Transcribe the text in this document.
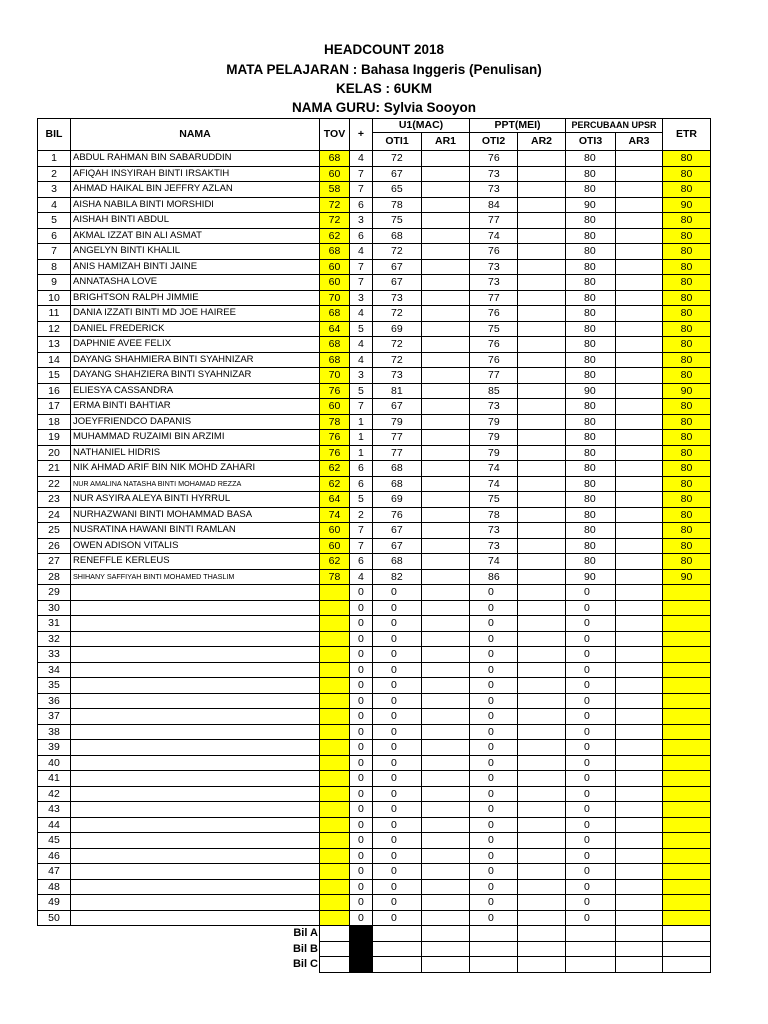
HEADCOUNT 2018
MATA PELAJARAN : Bahasa Inggeris (Penulisan)
KELAS : 6UKM
NAMA GURU: Sylvia Sooyon
BIL	NAMA	TOV	+	U1(MAC)		PPT(MEI)		PERCUBAAN UPSR		ETR
				OTI1	AR1	OTI2	AR2	OTI3	AR3	
1	ABDUL RAHMAN BIN SABARUDDIN	68	4	72		76		80		80
2	AFIQAH INSYIRAH BINTI IRSAKTIH	60	7	67		73		80		80
3	AHMAD HAIKAL BIN JEFFRY AZLAN	58	7	65		73		80		80
4	AISHA NABILA BINTI MORSHIDI	72	6	78		84		90		90
5	AISHAH BINTI ABDUL	72	3	75		77		80		80
6	AKMAL IZZAT BIN ALI ASMAT	62	6	68		74		80		80
7	ANGELYN BINTI KHALIL	68	4	72		76		80		80
8	ANIS HAMIZAH BINTI JAINE	60	7	67		73		80		80
9	ANNATASHA LOVE	60	7	67		73		80		80
10	BRIGHTSON RALPH JIMMIE	70	3	73		77		80		80
11	DANIA IZZATI BINTI MD JOE HAIREE	68	4	72		76		80		80
12	DANIEL FREDERICK	64	5	69		75		80		80
13	DAPHNIE AVEE FELIX	68	4	72		76		80		80
14	DAYANG SHAHMIERA BINTI SYAHNIZAR	68	4	72		76		80		80
15	DAYANG SHAHZIERA BINTI SYAHNIZAR	70	3	73		77		80		80
16	ELIESYA CASSANDRA	76	5	81		85		90		90
17	ERMA BINTI BAHTIAR	60	7	67		73		80		80
18	JOEYFRIENDCO DAPANIS	78	1	79		79		80		80
19	MUHAMMAD RUZAIMI BIN ARZIMI	76	1	77		79		80		80
20	NATHANIEL HIDRIS	76	1	77		79		80		80
21	NIK AHMAD ARIF BIN NIK MOHD ZAHARI	62	6	68		74		80		80
22	NUR AMALINA NATASHA BINTI MOHAMAD REZZA	62	6	68		74		80		80
23	NUR ASYIRA ALEYA BINTI HYRRUL	64	5	69		75		80		80
24	NURHAZWANI BINTI MOHAMMAD BASA	74	2	76		78		80		80
25	NUSRATINA HAWANI BINTI RAMLAN	60	7	67		73		80		80
26	OWEN ADISON VITALIS	60	7	67		73		80		80
27	RENEFFLE KERLEUS	62	6	68		74		80		80
28	SHIHANY SAFFIYAH BINTI MOHAMED THASLIM	78	4	82		86		90		90
29			0	0		0		0		
30			0	0		0		0		
31			0	0		0		0		
32			0	0		0		0		
33			0	0		0		0		
34			0	0		0		0		
35			0	0		0		0		
36			0	0		0		0		
37			0	0		0		0		
38			0	0		0		0		
39			0	0		0		0		
40			0	0		0		0		
41			0	0		0		0		
42			0	0		0		0		
43			0	0		0		0		
44			0	0		0		0		
45			0	0		0		0		
46			0	0		0		0		
47			0	0		0		0		
48			0	0		0		0		
49			0	0		0		0		
50			0	0		0		0		
	Bil A									
	Bil B									
	Bil C									
